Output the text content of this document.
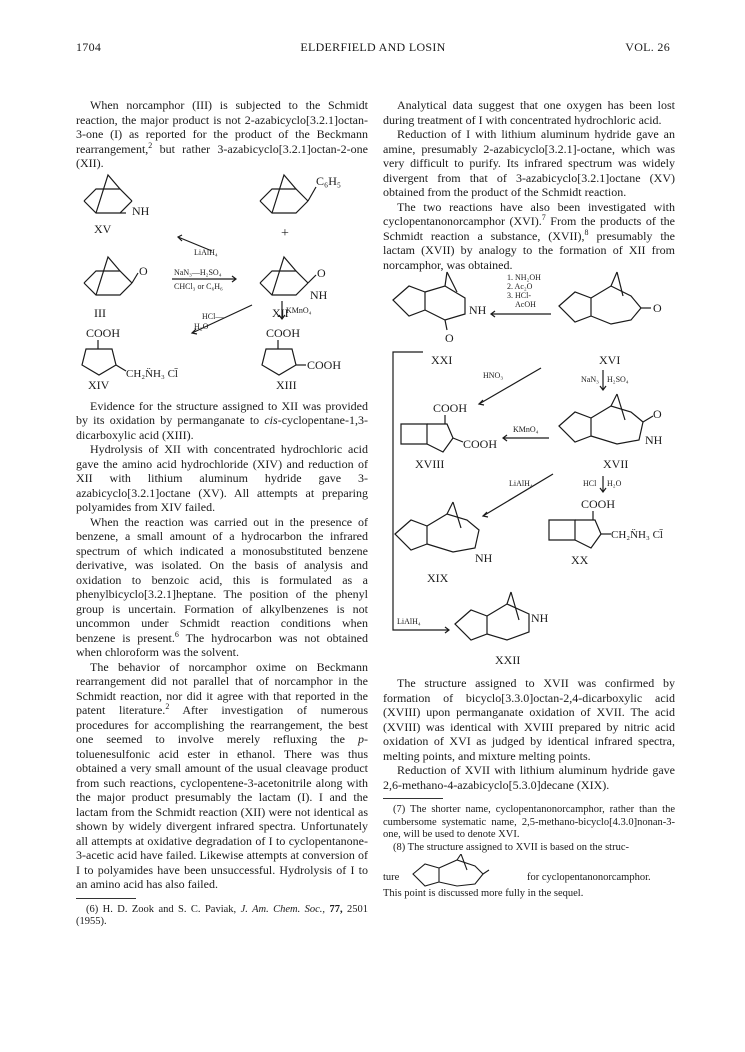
1704	ELDERFIELD AND LOSIN	VOL. 26

When norcamphor (III) is subjected to the Schmidt reaction, the major product is not 2-azabicyclo[3.2.1]octan-3-one (I) as reported for the product of the Beckmann rearrangement,$^2$ but rather 3-azabicyclo[3.2.1]octan-2-one (XII).

NH
XV
C₆H₅
+
LiAlH₄
O
III
NaN₃—H₂SO₄
CHCl₃ or C₆H₆
O
NH
XII
HCl—
H₂O
KMnO₄
COOH
CH₂N̈H₃ Cl̄
XIV
COOH
COOH
XIII

Evidence for the structure assigned to XII was provided by its oxidation by permanganate to cis-cyclopentane-1,3-dicarboxylic acid (XIII).

Hydrolysis of XII with concentrated hydrochloric acid gave the amino acid hydrochloride (XIV) and reduction of XII with lithium aluminum hydride gave 3-azabicyclo[3.2.1]octane (XV). All attempts at preparing polyamides from XIV failed.

When the reaction was carried out in the presence of benzene, a small amount of a hydrocarbon the infrared spectrum of which indicated a monosubstituted benzene derivative, was isolated. On the basis of analysis and oxidation to benzoic acid, this is formulated as a phenylbicyclo[3.2.1]heptane. The position of the phenyl group is uncertain. Formation of alkylbenzenes is not uncommon under Schmidt reaction conditions when benzene is present.$^6$ The hydrocarbon was not obtained when chloroform was the solvent.

The behavior of norcamphor oxime on Beckmann rearrangement did not parallel that of norcamphor in the Schmidt reaction, nor did it agree with that reported in the patent literature.$^2$ After investigation of numerous procedures for accomplishing the rearrangement, the best one seemed to involve merely refluxing the p-toluenesulfonic acid ester in ethanol. There was thus obtained a very small amount of the usual cleavage product from such reactions, cyclopentene-3-acetonitrile along with the major product presumably the lactam (I). I and the lactam from the Schmidt reaction (XII) were not identical as shown by widely divergent infrared spectra. Unfortunately all attempts at oxidative degradation of I to cyclopentanone-3-acetic acid have failed. Likewise attempts at conversion of I to polyamides have been unsuccessful. Hydrolysis of I to an amino acid has also failed.

(6) H. D. Zook and S. C. Paviak, J. Am. Chem. Soc., 77, 2501 (1955).

Analytical data suggest that one oxygen has been lost during treatment of I with concentrated hydrochloric acid.

Reduction of I with lithium aluminum hydride gave an amine, presumably 2-azabicyclo[3.2.1]-octane, which was very difficult to purify. Its infrared spectrum was widely divergent from that of 3-azabicyclo[3.2.1]octane (XV) obtained from the product of the Schmidt reaction.

The two reactions have also been investigated with cyclopentanonorcamphor (XVI).$^7$ From the products of the Schmidt reaction a substance, (XVII),$^8$ presumably the lactam (XVII) by analogy to the formation of XII from norcamphor, was obtained.

NH
O
XXI
1. NH₂OH
2. Ac₂O
3. HCl-
AcOH	O
XVI
HNO₃	NaN₃ H₂SO₄
COOH
COOH
XVIII
KMnO₄
O
NH
XVII
LiAlH₄	HCl H₂O
COOH
CH₂N̈H₃ Cl̄
XX
NH
XIX
LiAlH₄	NH
XXII

The structure assigned to XVII was confirmed by formation of bicyclo[3.3.0]octan-2,4-dicarboxylic acid (XVIII) upon permanganate oxidation of XVII. The acid (XVIII) was identical with XVIII prepared by nitric acid oxidation of XVI as judged by identical infrared spectra, melting points, and mixture melting points.

Reduction of XVII with lithium aluminum hydride gave 2,6-methano-4-azabicyclo[5.3.0]decane (XIX).

(7) The shorter name, cyclopentanonorcamphor, rather than the cumbersome systematic name, 2,5-methano-bicyclo[4.3.0]nonan-3-one, will be used to denote XVI.

(8) The structure assigned to XVII is based on the struc-

ture
O
for cyclopentanonorcamphor.

This point is discussed more fully in the sequel.
